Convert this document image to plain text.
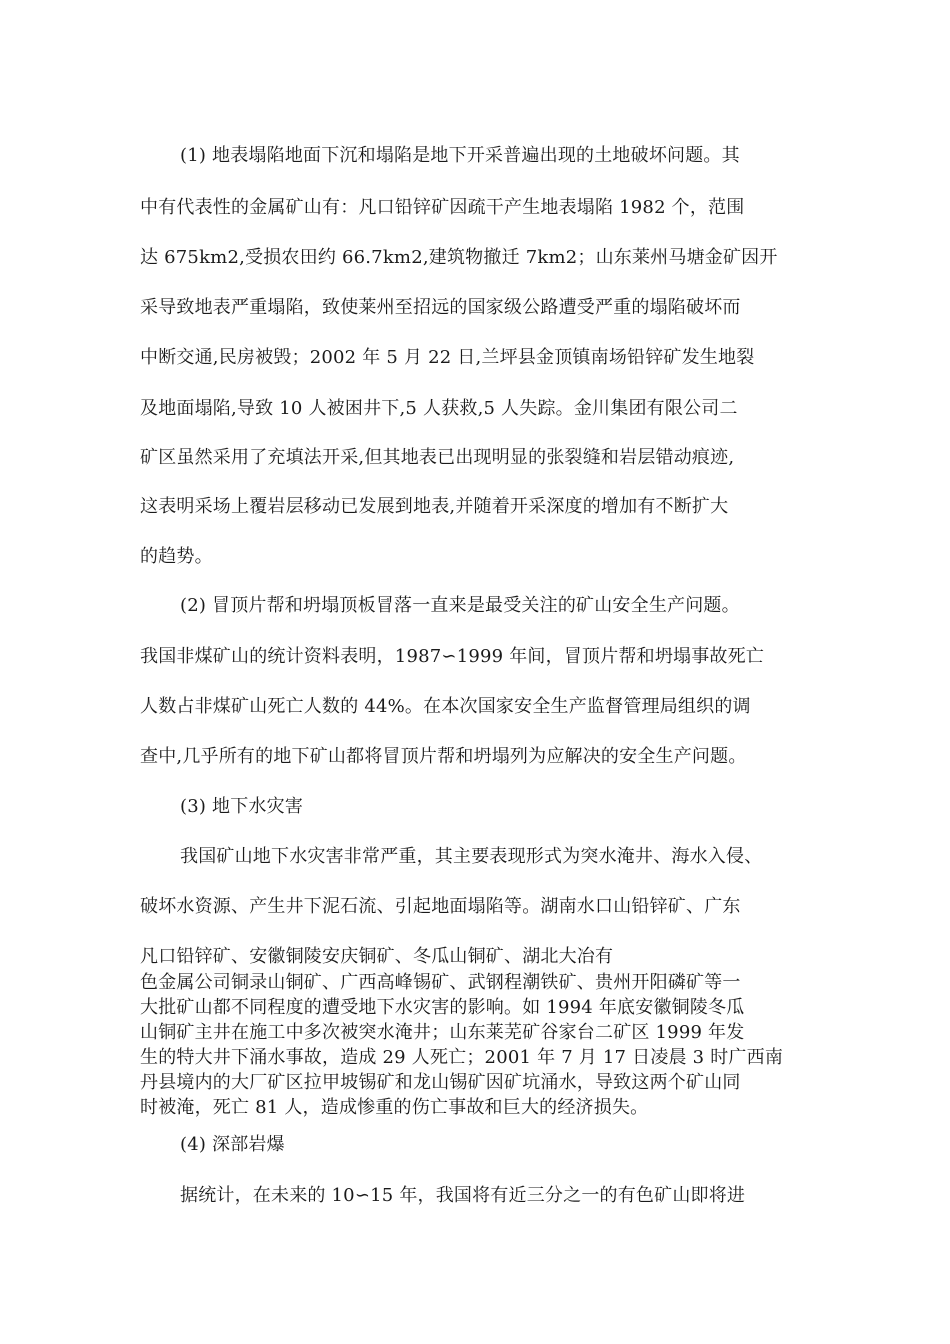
(1) 地表塌陷地面下沉和塌陷是地下开采普遍出现的土地破坏问题。其
中有代表性的金属矿山有：凡口铅锌矿因疏干产生地表塌陷 1982 个，范围
达 675km2,受损农田约 66.7km2,建筑物撤迁 7km2；山东莱州马塘金矿因开
采导致地表严重塌陷，致使莱州至招远的国家级公路遭受严重的塌陷破坏而
中断交通,民房被毁；2002 年 5 月 22 日,兰坪县金顶镇南场铅锌矿发生地裂
及地面塌陷,导致 10 人被困井下,5 人获救,5 人失踪。金川集团有限公司二
矿区虽然采用了充填法开采,但其地表已出现明显的张裂缝和岩层错动痕迹,
这表明采场上覆岩层移动已发展到地表,并随着开采深度的增加有不断扩大
的趋势。
(2) 冒顶片帮和坍塌顶板冒落一直来是最受关注的矿山安全生产问题。
我国非煤矿山的统计资料表明，1987∽1999 年间，冒顶片帮和坍塌事故死亡
人数占非煤矿山死亡人数的 44%。在本次国家安全生产监督管理局组织的调
查中,几乎所有的地下矿山都将冒顶片帮和坍塌列为应解决的安全生产问题。
(3) 地下水灾害
我国矿山地下水灾害非常严重，其主要表现形式为突水淹井、海水入侵、
破坏水资源、产生井下泥石流、引起地面塌陷等。湖南水口山铅锌矿、广东
凡口铅锌矿、安徽铜陵安庆铜矿、冬瓜山铜矿、湖北大冶有
色金属公司铜录山铜矿、广西高峰锡矿、武钢程潮铁矿、贵州开阳磷矿等一
大批矿山都不同程度的遭受地下水灾害的影响。如 1994 年底安徽铜陵冬瓜
山铜矿主井在施工中多次被突水淹井；山东莱芜矿谷家台二矿区 1999 年发
生的特大井下涌水事故，造成 29 人死亡；2001 年 7 月 17 日凌晨 3 时广西南
丹县境内的大厂矿区拉甲坡锡矿和龙山锡矿因矿坑涌水，导致这两个矿山同
时被淹，死亡 81 人，造成惨重的伤亡事故和巨大的经济损失。
(4) 深部岩爆
据统计，在未来的 10∽15 年，我国将有近三分之一的有色矿山即将进
